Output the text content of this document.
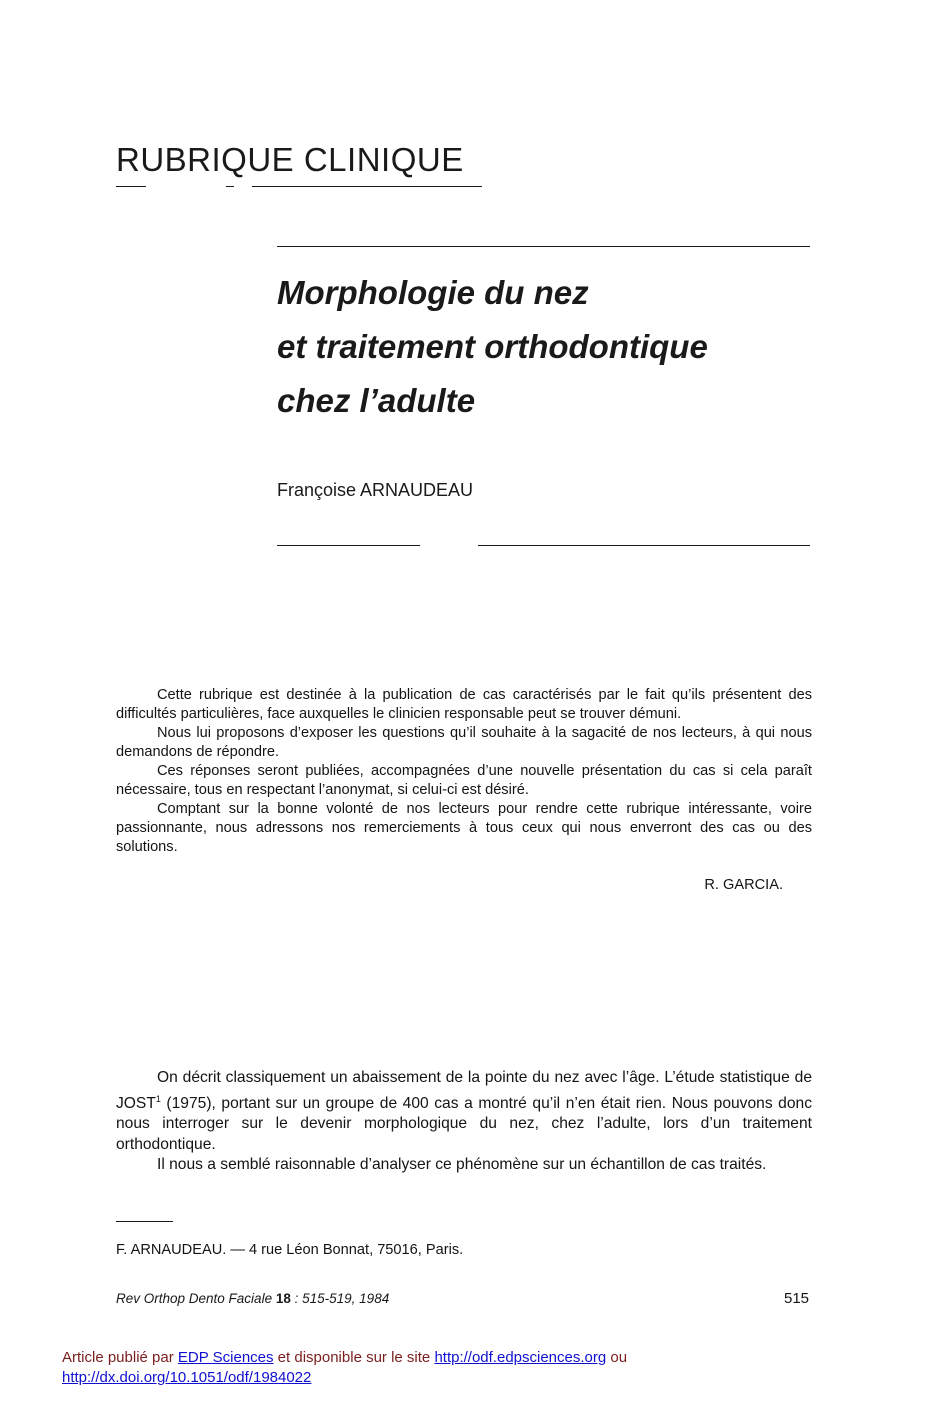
RUBRIQUE CLINIQUE
Morphologie du nez
et traitement orthodontique
chez l’adulte
Françoise ARNAUDEAU

Cette rubrique est destinée à la publication de cas caractérisés par le fait qu’ils présentent des difficultés particulières, face auxquelles le clinicien responsable peut se trouver démuni.

Nous lui proposons d’exposer les questions qu’il souhaite à la sagacité de nos lecteurs, à qui nous demandons de répondre.

Ces réponses seront publiées, accompagnées d’une nouvelle présentation du cas si cela paraît nécessaire, tous en respectant l’anonymat, si celui-ci est désiré.

Comptant sur la bonne volonté de nos lecteurs pour rendre cette rubrique intéressante, voire passionnante, nous adressons nos remerciements à tous ceux qui nous enverront des cas ou des solutions.

R. GARCIA.

On décrit classiquement un abaissement de la pointe du nez avec l’âge. L’étude statistique de JOST$^1$ (1975), portant sur un groupe de 400 cas a montré qu’il n’en était rien. Nous pouvons donc nous interroger sur le devenir morphologique du nez, chez l’adulte, lors d’un traitement orthodontique.

Il nous a semblé raisonnable d’analyser ce phénomène sur un échantillon de cas traités.

F. ARNAUDEAU. — 4 rue Léon Bonnat, 75016, Paris.
Rev Orthop Dento Faciale 18 : 515-519, 1984	515
Article publié par EDP Sciences et disponible sur le site http://odf.edpsciences.org ou
http://dx.doi.org/10.1051/odf/1984022
